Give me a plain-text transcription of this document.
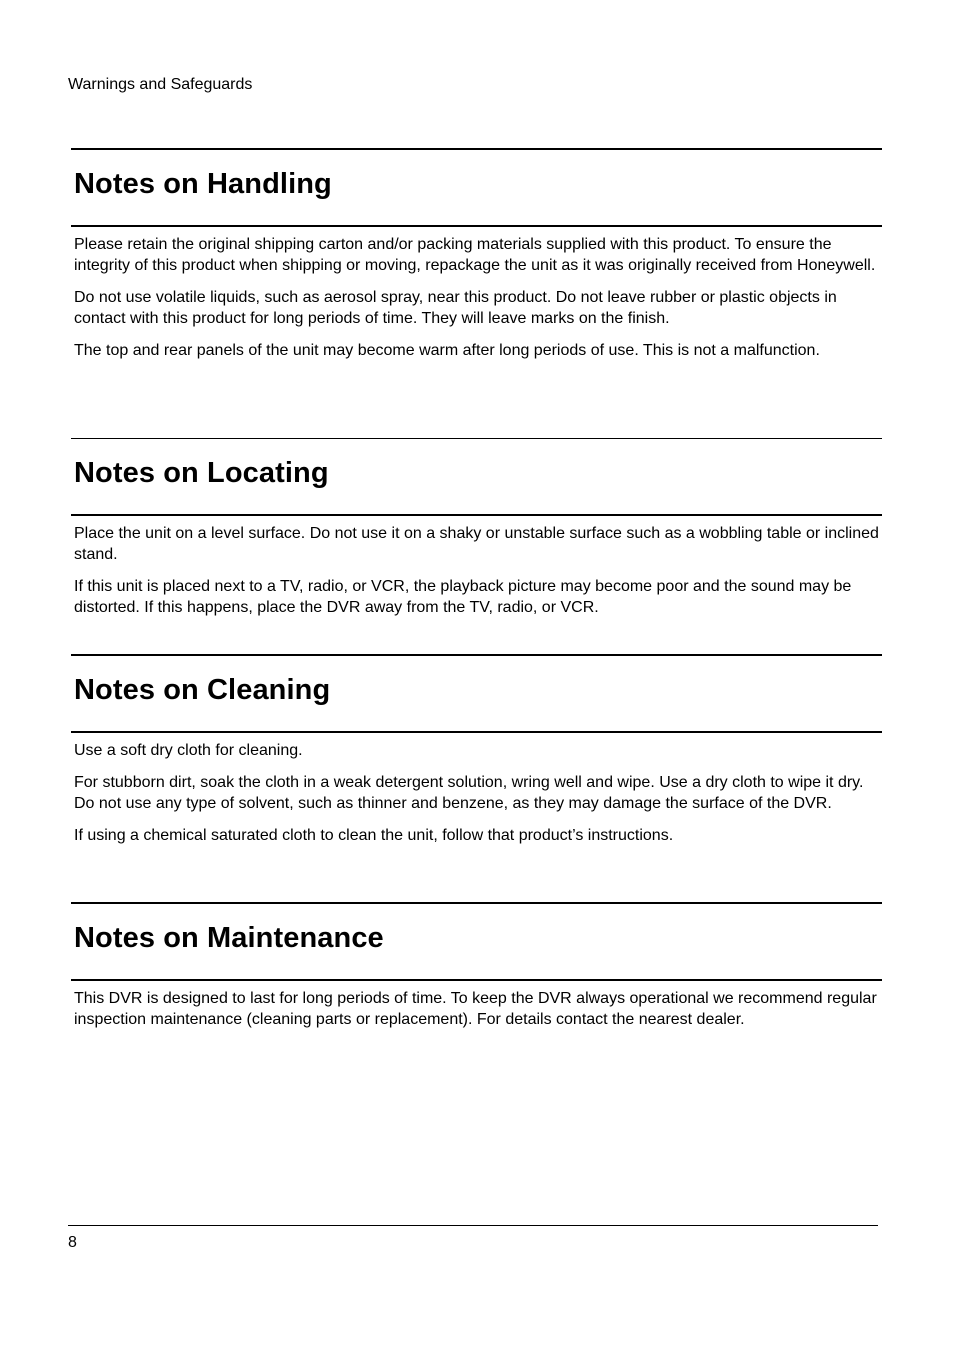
Warnings and Safeguards

Notes on Handling

Please retain the original shipping carton and/or packing materials supplied with this product. To ensure the integrity of this product when shipping or moving, repackage the unit as it was originally received from Honeywell.

Do not use volatile liquids, such as aerosol spray, near this product. Do not leave rubber or plastic objects in contact with this product for long periods of time. They will leave marks on the finish.

The top and rear panels of the unit may become warm after long periods of use. This is not a malfunction.

Notes on Locating

Place the unit on a level surface. Do not use it on a shaky or unstable surface such as a wobbling table or inclined stand.

If this unit is placed next to a TV, radio, or VCR, the playback picture may become poor and the sound may be distorted. If this happens, place the DVR away from the TV, radio, or VCR.

Notes on Cleaning

Use a soft dry cloth for cleaning.

For stubborn dirt, soak the cloth in a weak detergent solution, wring well and wipe. Use a dry cloth to wipe it dry. Do not use any type of solvent, such as thinner and benzene, as they may damage the surface of the DVR.

If using a chemical saturated cloth to clean the unit, follow that product’s instructions.

Notes on Maintenance

This DVR is designed to last for long periods of time. To keep the DVR always operational we recommend regular inspection maintenance (cleaning parts or replacement). For details contact the nearest dealer.

8
